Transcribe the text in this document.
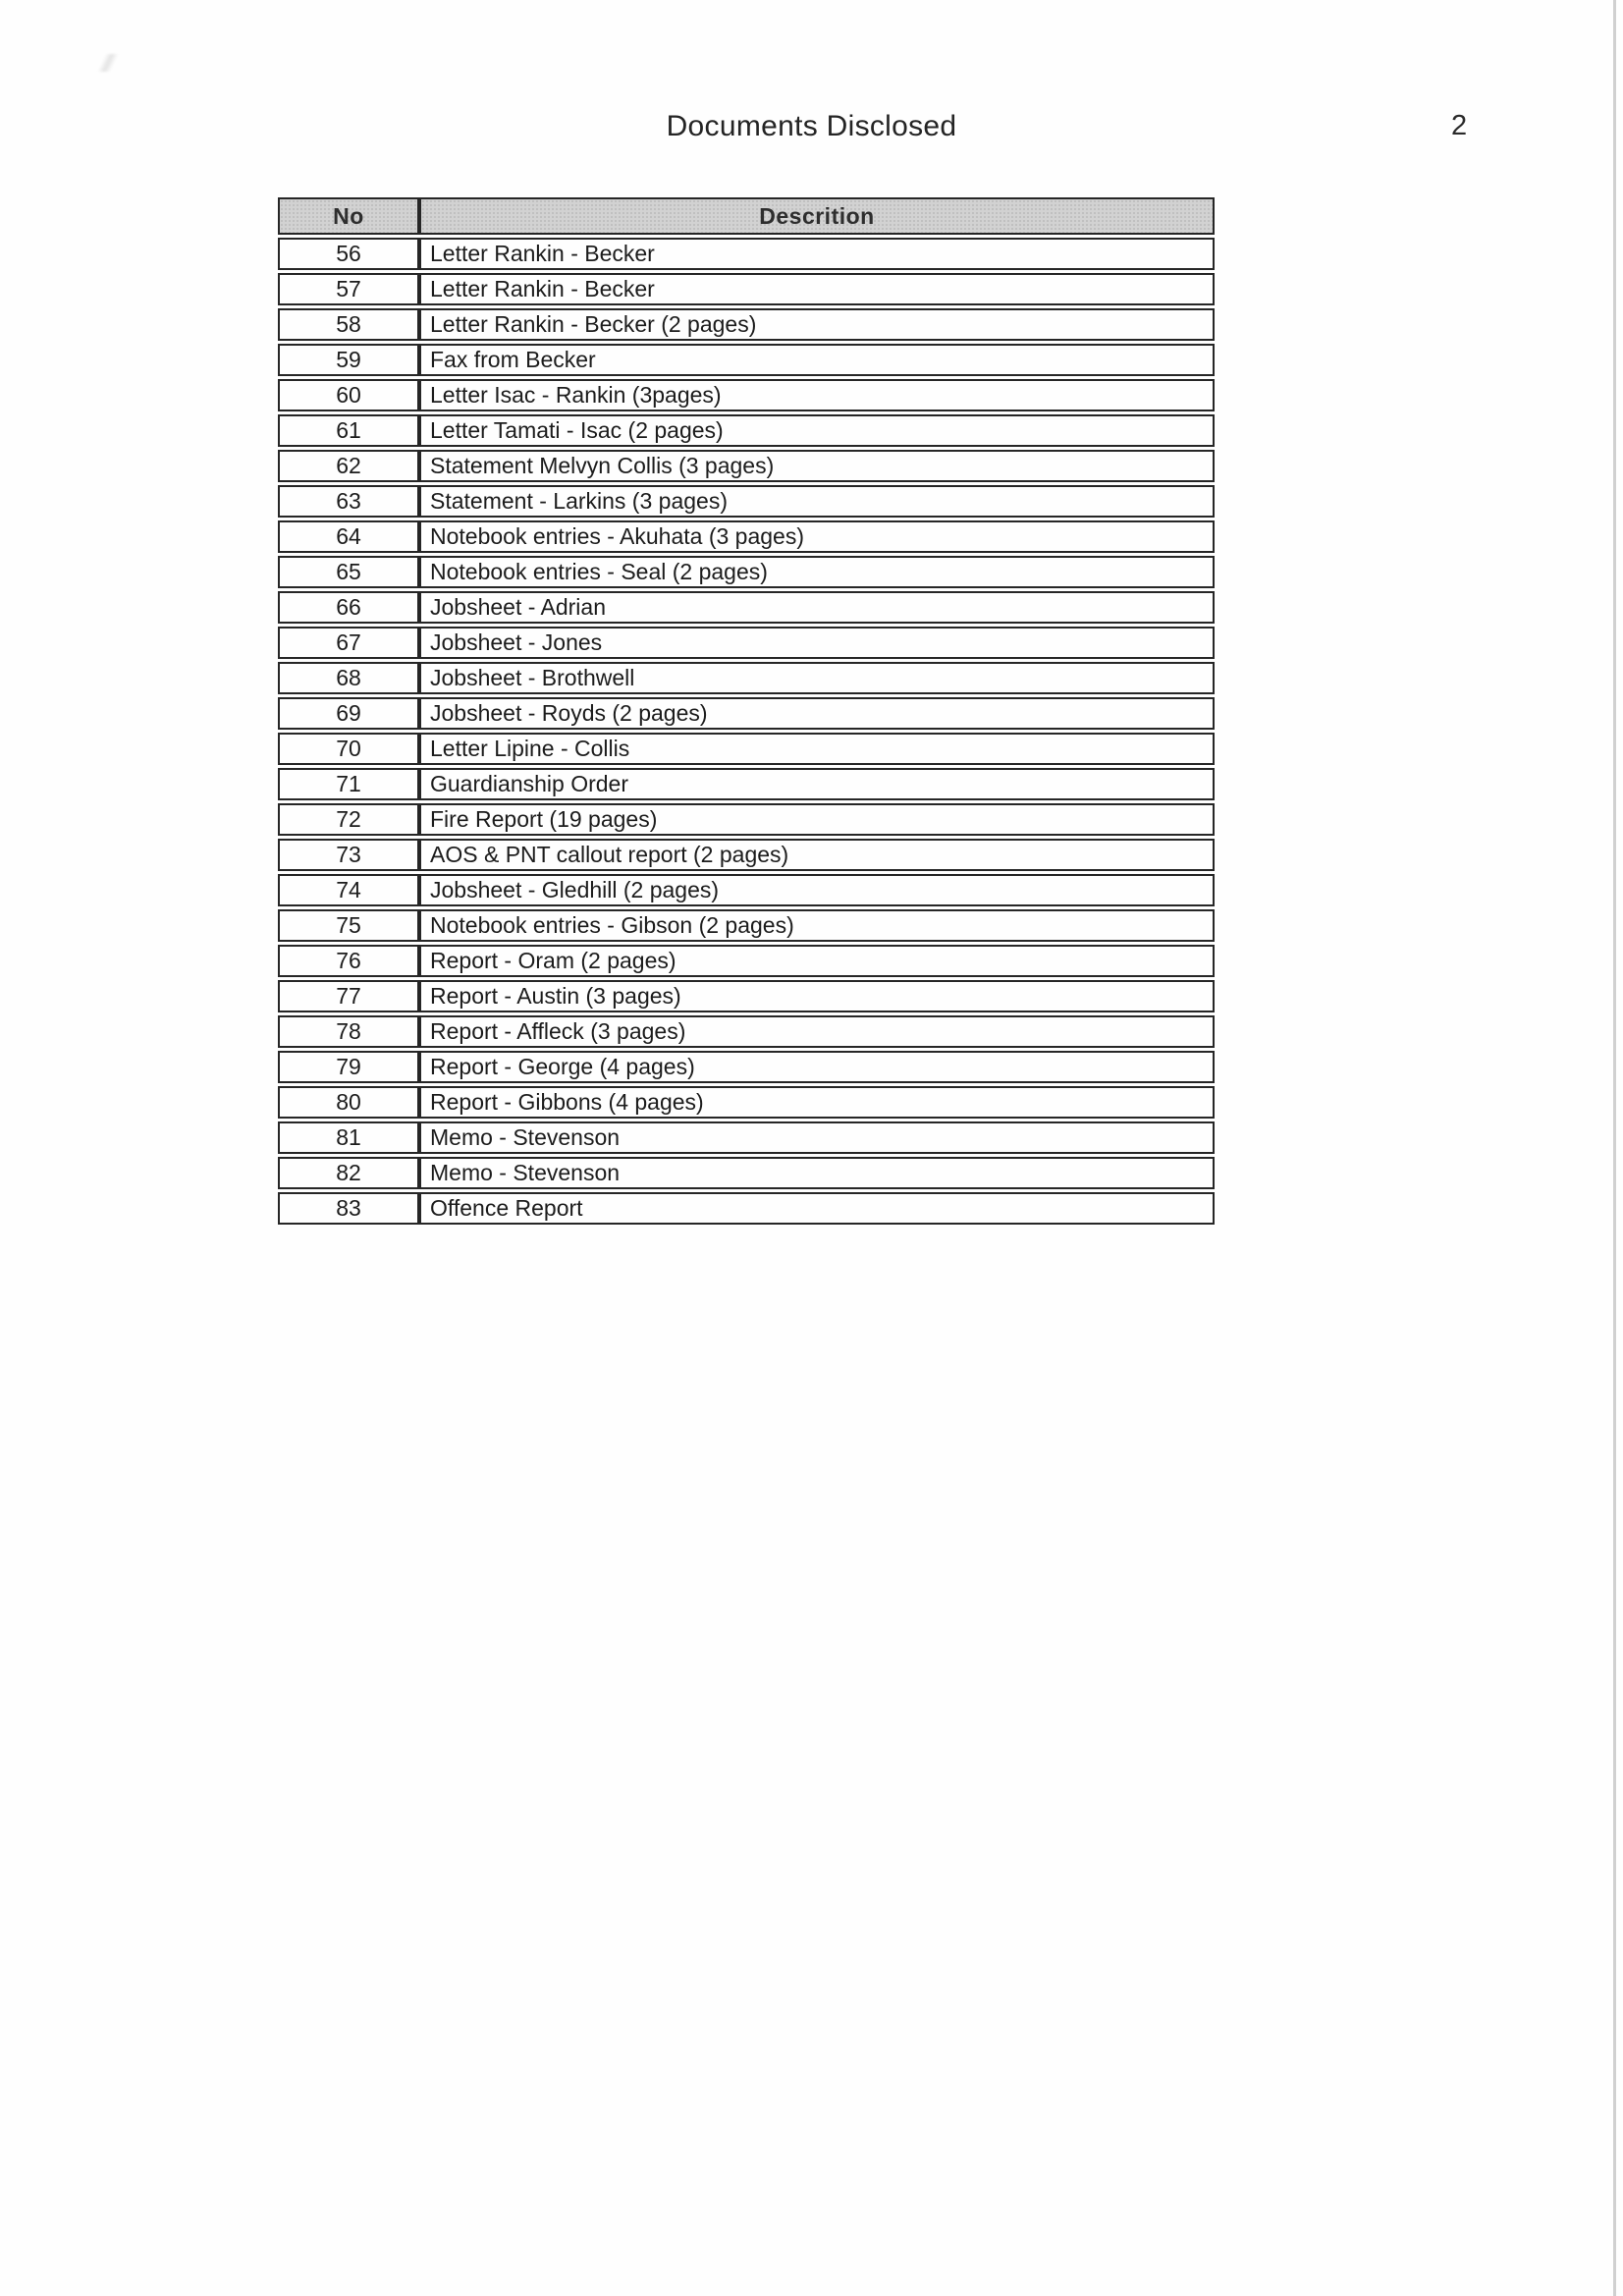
Documents Disclosed	2
No	Descrition
56	Letter Rankin - Becker
57	Letter Rankin - Becker
58	Letter Rankin - Becker (2 pages)
59	Fax from Becker
60	Letter Isac - Rankin (3pages)
61	Letter Tamati - Isac (2 pages)
62	Statement Melvyn Collis (3 pages)
63	Statement - Larkins (3 pages)
64	Notebook entries - Akuhata (3 pages)
65	Notebook entries - Seal (2 pages)
66	Jobsheet - Adrian
67	Jobsheet - Jones
68	Jobsheet - Brothwell
69	Jobsheet - Royds (2 pages)
70	Letter Lipine - Collis
71	Guardianship Order
72	Fire Report (19 pages)
73	AOS & PNT callout report (2 pages)
74	Jobsheet - Gledhill (2 pages)
75	Notebook entries - Gibson (2 pages)
76	Report - Oram (2 pages)
77	Report - Austin (3 pages)
78	Report - Affleck (3 pages)
79	Report - George (4 pages)
80	Report - Gibbons (4 pages)
81	Memo - Stevenson
82	Memo - Stevenson
83	Offence Report
